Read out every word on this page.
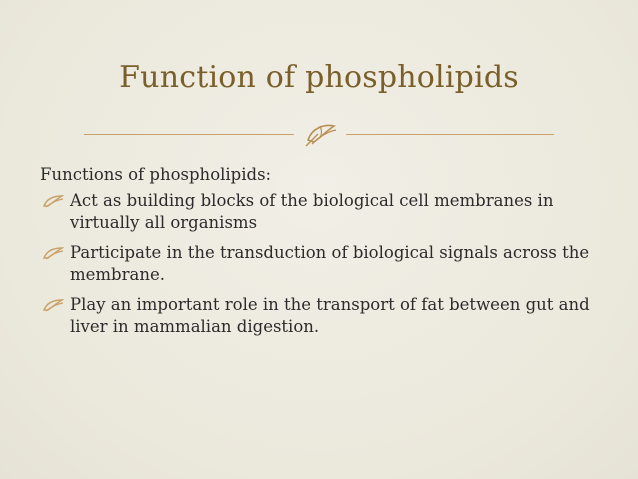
Function of phospholipids

Functions of phospholipids:

Act as building blocks of the biological cell membranes in virtually all organisms
Participate in the transduction of biological signals across the membrane.
Play an important role in the transport of fat between gut and liver in mammalian digestion.
